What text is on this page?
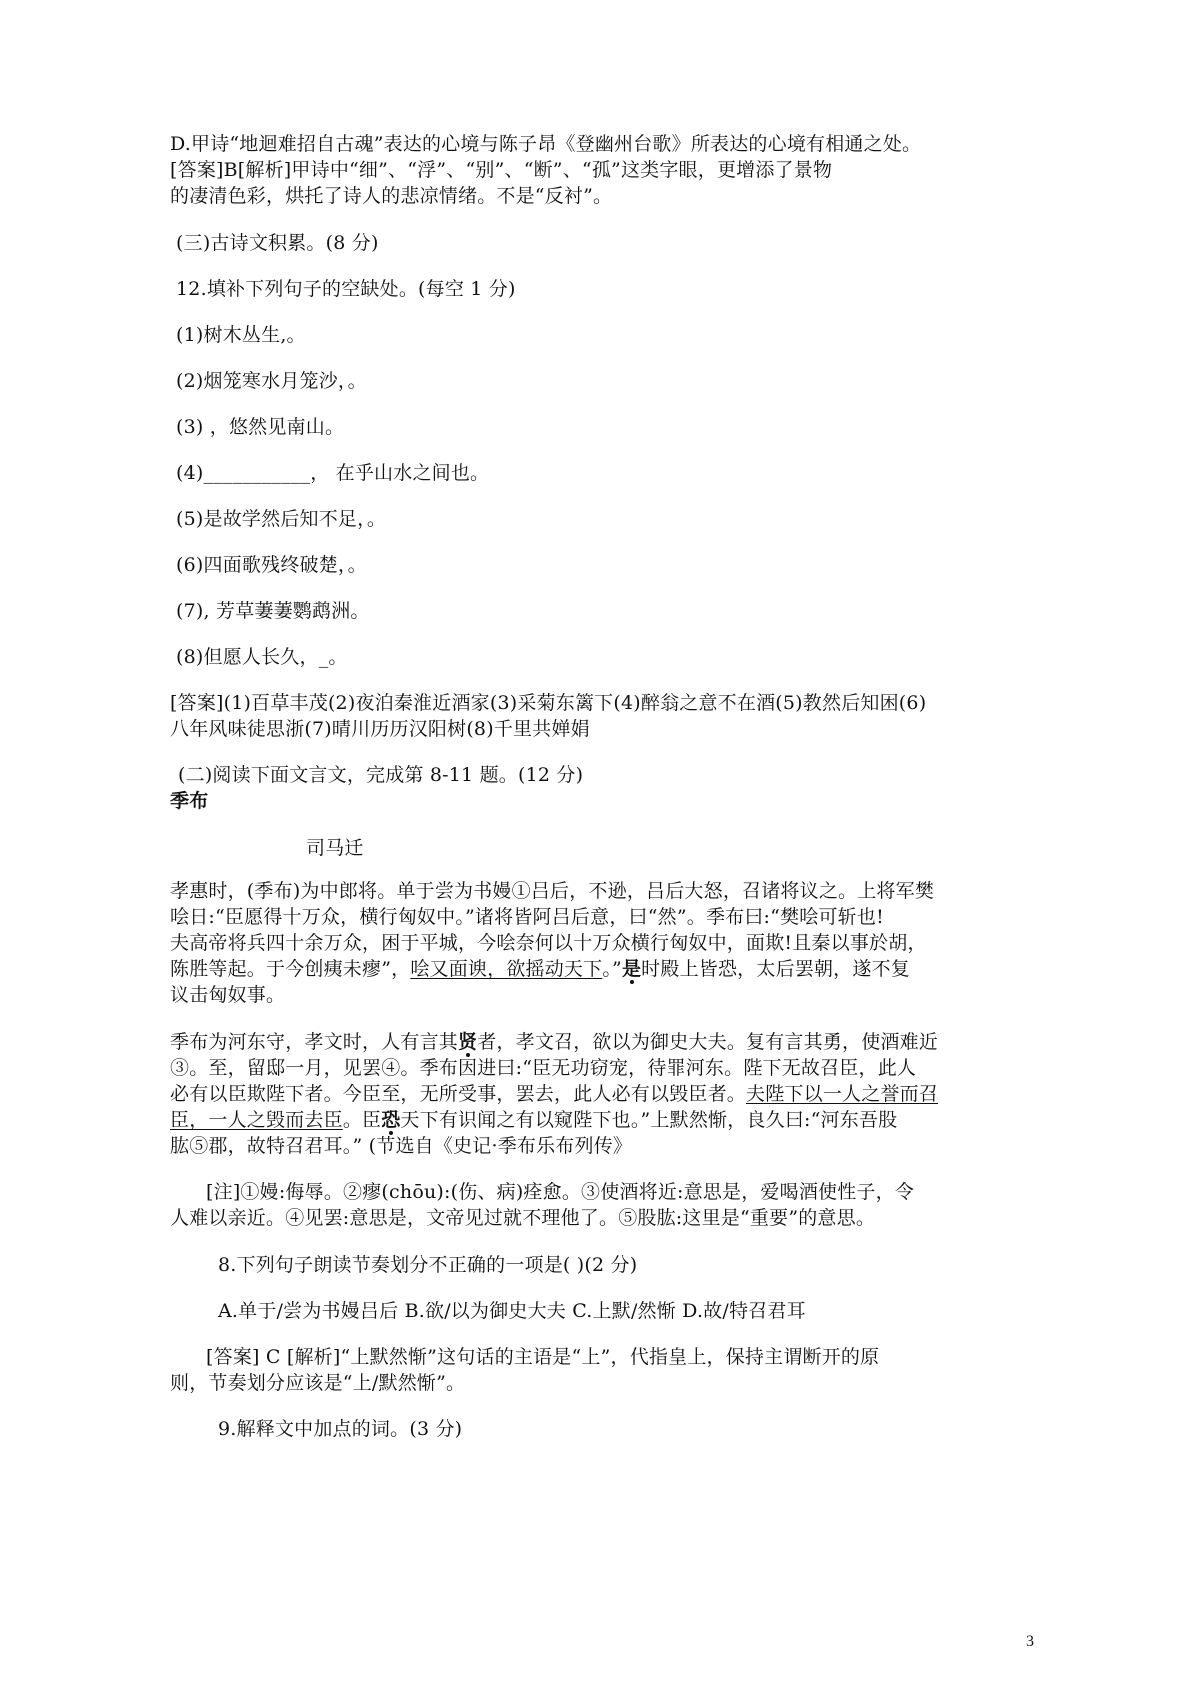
D.甲诗“地迴难招自古魂”表达的心境与陈子昂《登幽州台歌》所表达的心境有相通之处。
[答案]B[解析]甲诗中“细”、“浮”、“别”、“断”、“孤”这类字眼，更增添了景物
的凄清色彩，烘托了诗人的悲凉情绪。不是“反衬”。
(三)古诗文积累。(8 分)
12.填补下列句子的空缺处。(每空 1 分)
(1)树木丛生,。
(2)烟笼寒水月笼沙，。
(3) ，悠然见南山。
(4)___________， 在乎山水之间也。
(5)是故学然后知不足，。
(6)四面歌残终破楚，。
(7), 芳草萋萋鹦鹉洲。
(8)但愿人长久，_。
[答案](1)百草丰茂(2)夜泊秦淮近酒家(3)采菊东篱下(4)醉翁之意不在酒(5)教然后知困(6)
八年风味徒思浙(7)晴川历历汉阳树(8)千里共婵娟
(二)阅读下面文言文，完成第 8-11 题。(12 分)
季布
司马迁
孝惠时，(季布)为中郎将。单于尝为书嫚①吕后，不逊，吕后大怒，召诸将议之。上将军樊
哙日:“臣愿得十万众，横行匈奴中。”诸将皆阿吕后意，曰“然”。季布曰:“樊哙可斩也!
夫高帝将兵四十余万众，困于平城，今哙奈何以十万众横行匈奴中，面欺!且秦以事於胡，
陈胜等起。于今创痍未瘳”，哙又面谀，欲摇动天下。”是时殿上皆恐，太后罢朝，遂不复
议击匈奴事。
季布为河东守，孝文时，人有言其贤者，孝文召，欲以为御史大夫。复有言其勇，使酒难近
③。至，留邸一月，见罢④。季布因进曰:“臣无功窃宠，待罪河东。陛下无故召臣，此人
必有以臣欺陛下者。今臣至，无所受事，罢去，此人必有以毁臣者。夫陛下以一人之誉而召
臣，一人之毁而去臣。臣恐天下有识闻之有以窥陛下也。”上默然惭，良久曰:“河东吾股
肱⑤郡，故特召君耳。” (节选自《史记·季布乐布列传》
[注]①嫚:侮辱。②瘳(chōu):(伤、病)痊愈。③使酒将近:意思是，爱喝酒使性子，令
人难以亲近。④见罢:意思是，文帝见过就不理他了。⑤股肱:这里是“重要”的意思。
8.下列句子朗读节奏划分不正确的一项是( )(2 分)
A.单于/尝为书嫚吕后 B.欲/以为御史大夫 C.上默/然惭 D.故/特召君耳
[答案] C [解析]“上默然惭”这句话的主语是“上”，代指皇上，保持主谓断开的原
则，节奏划分应该是“上/默然惭”。
9.解释文中加点的词。(3 分)
3
